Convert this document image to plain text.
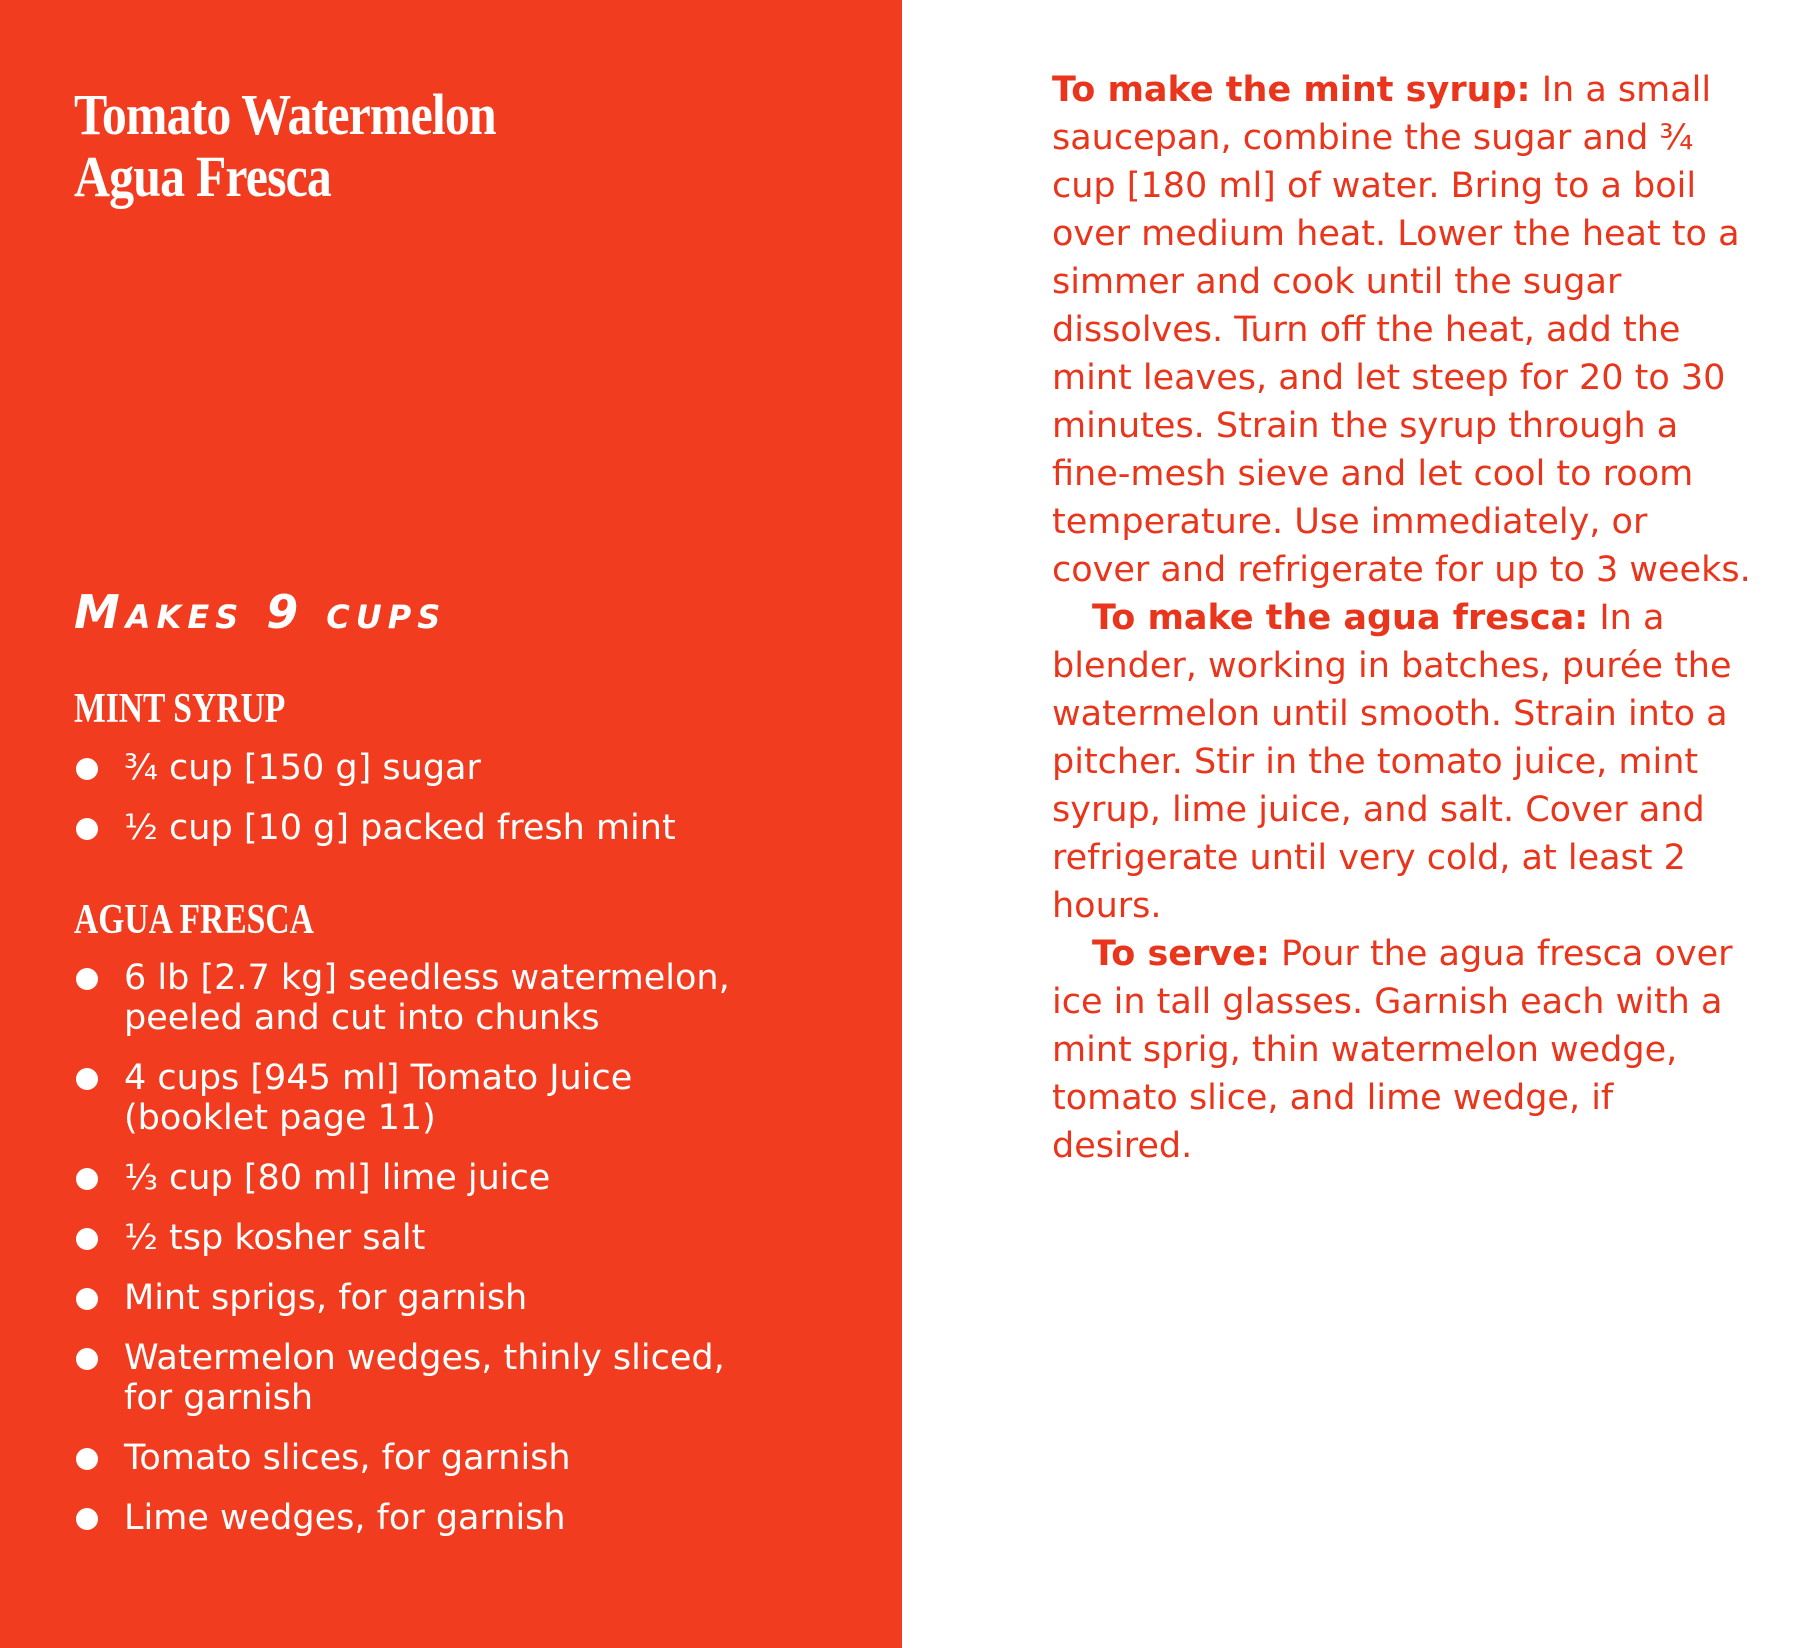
Tomato Watermelon
Agua Fresca
Makes 9 cups
MINT SYRUP
¾ cup [150 g] sugar
½ cup [10 g] packed fresh mint
AGUA FRESCA
6 lb [2.7 kg] seedless watermelon,
peeled and cut into chunks
4 cups [945 ml] Tomato Juice
(booklet page 11)
⅓ cup [80 ml] lime juice
½ tsp kosher salt
Mint sprigs, for garnish
Watermelon wedges, thinly sliced,
for garnish
Tomato slices, for garnish
Lime wedges, for garnish

To make the mint syrup: In a small saucepan, combine the sugar and ¾ cup [180 ml] of water. Bring to a boil over medium heat. Lower the heat to a simmer and cook until the sugar dissolves. Turn off the heat, add the mint leaves, and let steep for 20 to 30 minutes. Strain the syrup through a fine-mesh sieve and let cool to room temperature. Use immediately, or cover and refrigerate for up to 3 weeks.

To make the agua fresca: In a blender, working in batches, purée the watermelon until smooth. Strain into a pitcher. Stir in the tomato juice, mint syrup, lime juice, and salt. Cover and refrigerate until very cold, at least 2 hours.

To serve: Pour the agua fresca over ice in tall glasses. Garnish each with a mint sprig, thin watermelon wedge, tomato slice, and lime wedge, if desired.
